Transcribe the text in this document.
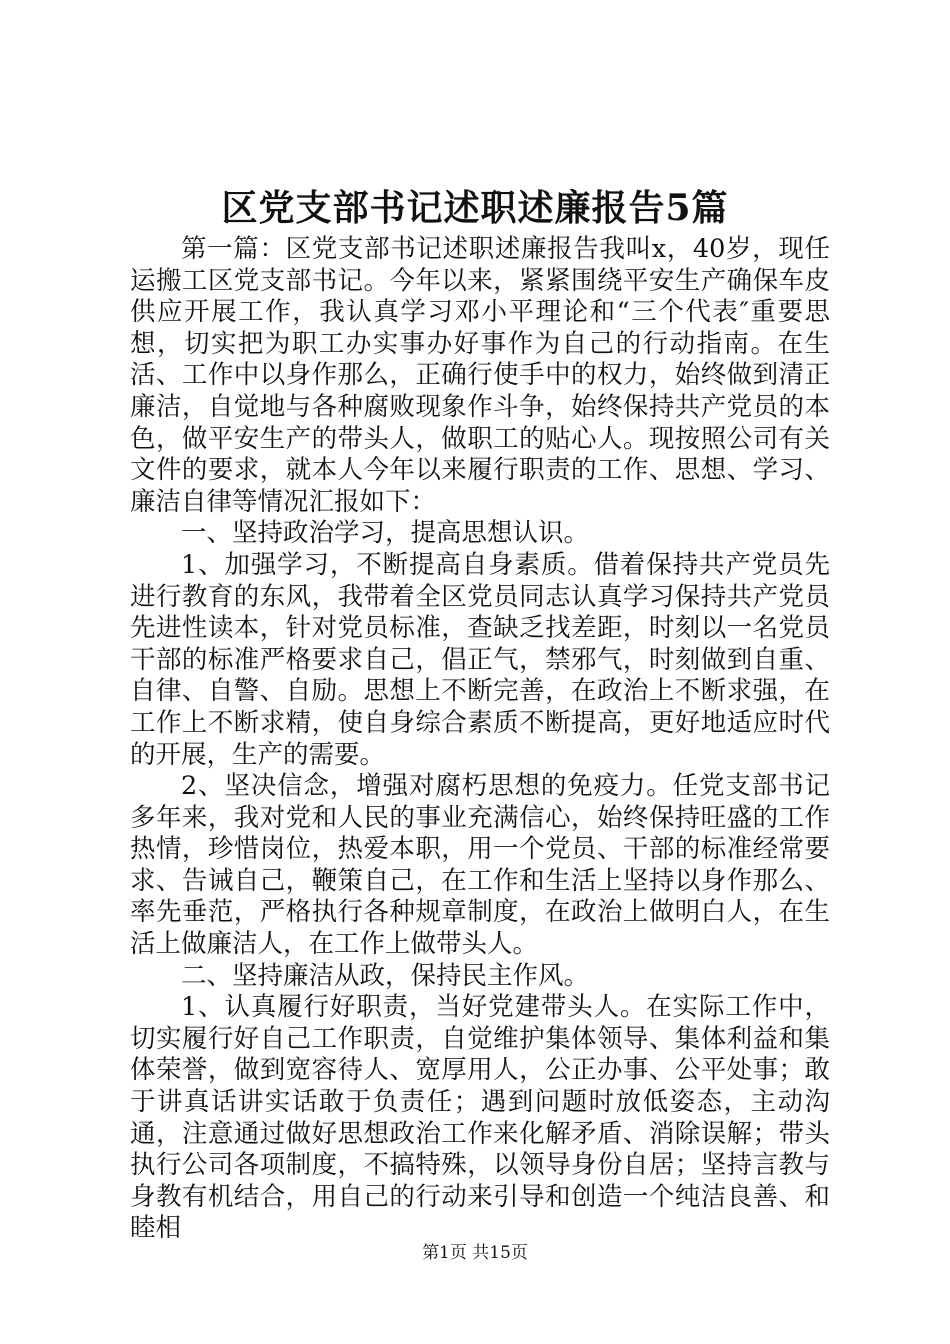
区党支部书记述职述廉报告5篇

第一篇：区党支部书记述职述廉报告我叫x，40岁，现任运搬工区党支部书记。今年以来，紧紧围绕平安生产确保车皮供应开展工作，我认真学习邓小平理论和“三个代表″重要思想，切实把为职工办实事办好事作为自己的行动指南。在生活、工作中以身作那么，正确行使手中的权力，始终做到清正廉洁，自觉地与各种腐败现象作斗争，始终保持共产党员的本色，做平安生产的带头人，做职工的贴心人。现按照公司有关文件的要求，就本人今年以来履行职责的工作、思想、学习、廉洁自律等情况汇报如下：

一、坚持政治学习，提高思想认识。

1、加强学习，不断提高自身素质。借着保持共产党员先进行教育的东风，我带着全区党员同志认真学习保持共产党员先进性读本，针对党员标准，查缺乏找差距，时刻以一名党员干部的标准严格要求自己，倡正气，禁邪气，时刻做到自重、自律、自警、自励。思想上不断完善，在政治上不断求强，在工作上不断求精，使自身综合素质不断提高，更好地适应时代的开展，生产的需要。

2、坚决信念，增强对腐朽思想的免疫力。任党支部书记多年来，我对党和人民的事业充满信心，始终保持旺盛的工作热情，珍惜岗位，热爱本职，用一个党员、干部的标准经常要求、告诫自己，鞭策自己，在工作和生活上坚持以身作那么、率先垂范，严格执行各种规章制度，在政治上做明白人，在生活上做廉洁人，在工作上做带头人。

二、坚持廉洁从政，保持民主作风。

1、认真履行好职责，当好党建带头人。在实际工作中，切实履行好自己工作职责，自觉维护集体领导、集体利益和集体荣誉，做到宽容待人、宽厚用人，公正办事、公平处事；敢于讲真话讲实话敢于负责任；遇到问题时放低姿态，主动沟通，注意通过做好思想政治工作来化解矛盾、消除误解；带头执行公司各项制度，不搞特殊，以领导身份自居；坚持言教与身教有机结合，用自己的行动来引导和创造一个纯洁良善、和睦相

第1页 共15页
